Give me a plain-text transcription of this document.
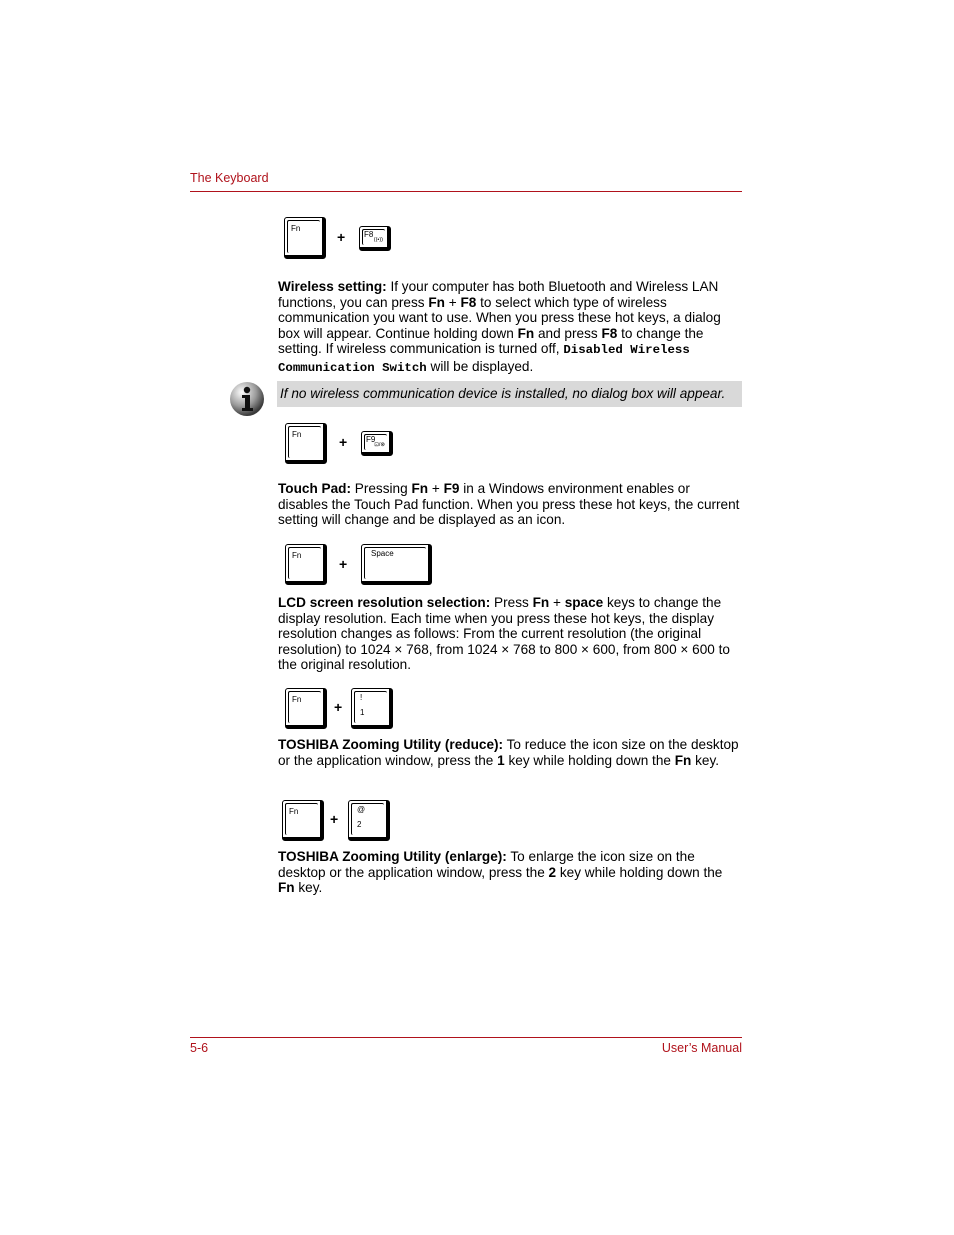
The Keyboard
Fn
+ F8
((•))
Wireless setting: If your computer has both Bluetooth and Wireless LAN functions, you can press Fn + F8 to select which type of wireless communication you want to use. When you press these hot keys, a dialog box will appear. Continue holding down Fn and press F8 to change the setting. If wireless communication is turned off, Disabled Wireless Communication Switch will be displayed.
If no wireless communication device is installed, no dialog box will appear.
Fn	+ F9
⊡/⊗
Touch Pad: Pressing Fn + F9 in a Windows environment enables or disables the Touch Pad function. When you press these hot keys, the current setting will change and be displayed as an icon.
Fn
+
Space
LCD screen resolution selection: Press Fn + space keys to change the display resolution. Each time when you press these hot keys, the display resolution changes as follows: From the current resolution (the original resolution) to 1024 × 768, from 1024 × 768 to 800 × 600, from 800 × 600 to the original resolution.
Fn +
!
1
TOSHIBA Zooming Utility (reduce): To reduce the icon size on the desktop or the application window, press the 1 key while holding down the Fn key.
Fn +
@
2
TOSHIBA Zooming Utility (enlarge): To enlarge the icon size on the desktop or the application window, press the 2 key while holding down the Fn key.
5-6	User’s Manual
